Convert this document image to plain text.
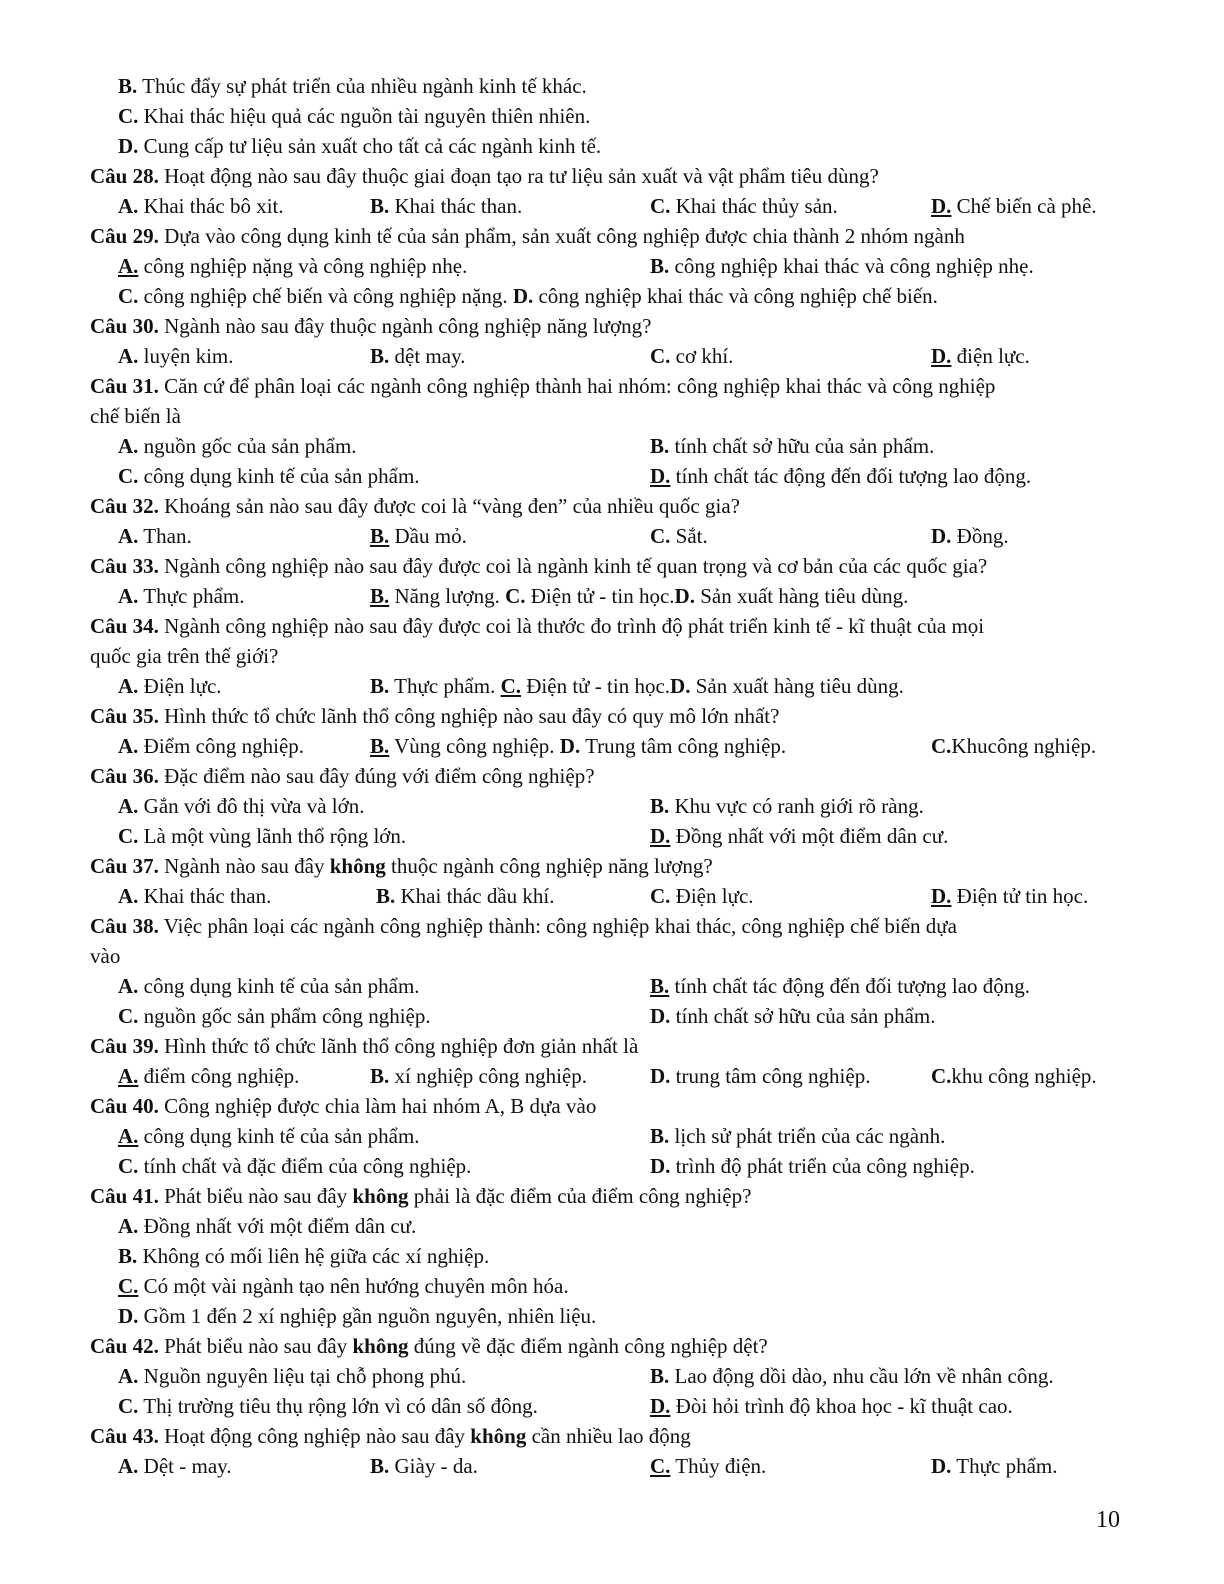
B. Thúc đẩy sự phát triển của nhiều ngành kinh tế khác.
C. Khai thác hiệu quả các nguồn tài nguyên thiên nhiên.
D. Cung cấp tư liệu sản xuất cho tất cả các ngành kinh tế.
Câu 28. Hoạt động nào sau đây thuộc giai đoạn tạo ra tư liệu sản xuất và vật phẩm tiêu dùng?
A. Khai thác bô xit.	B. Khai thác than.	C. Khai thác thủy sản.	D. Chế biến cà phê.
Câu 29. Dựa vào công dụng kinh tế của sản phẩm, sản xuất công nghiệp được chia thành 2 nhóm ngành
A. công nghiệp nặng và công nghiệp nhẹ.	B. công nghiệp khai thác và công nghiệp nhẹ.
C. công nghiệp chế biến và công nghiệp nặng. D. công nghiệp khai thác và công nghiệp chế biến.
Câu 30. Ngành nào sau đây thuộc ngành công nghiệp năng lượng?
A. luyện kim.	B. dệt may.	C. cơ khí.	D. điện lực.
Câu 31. Căn cứ để phân loại các ngành công nghiệp thành hai nhóm: công nghiệp khai thác và công nghiệp
chế biến là
A. nguồn gốc của sản phẩm.	B. tính chất sở hữu của sản phẩm.
C. công dụng kinh tế của sản phẩm.	D. tính chất tác động đến đối tượng lao động.
Câu 32. Khoáng sản nào sau đây được coi là “vàng đen” của nhiều quốc gia?
A. Than.	B. Dầu mỏ.	C. Sắt.	D. Đồng.
Câu 33. Ngành công nghiệp nào sau đây được coi là ngành kinh tế quan trọng và cơ bản của các quốc gia?
A. Thực phẩm.	B. Năng lượng. C. Điện tử - tin học.D. Sản xuất hàng tiêu dùng.
Câu 34. Ngành công nghiệp nào sau đây được coi là thước đo trình độ phát triển kinh tế - kĩ thuật của mọi
quốc gia trên thế giới?
A. Điện lực.	B. Thực phẩm. C. Điện tử - tin học.D. Sản xuất hàng tiêu dùng.
Câu 35. Hình thức tổ chức lãnh thổ công nghiệp nào sau đây có quy mô lớn nhất?
A. Điểm công nghiệp.	B. Vùng công nghiệp. D. Trung tâm công nghiệp.	C.Khucông nghiệp.
Câu 36. Đặc điểm nào sau đây đúng với điểm công nghiệp?
A. Gắn với đô thị vừa và lớn.	B. Khu vực có ranh giới rõ ràng.
C. Là một vùng lãnh thổ rộng lớn.	D. Đồng nhất với một điểm dân cư.
Câu 37. Ngành nào sau đây không thuộc ngành công nghiệp năng lượng?
A. Khai thác than.	B. Khai thác dầu khí.	C. Điện lực.	D. Điện tử tin học.
Câu 38. Việc phân loại các ngành công nghiệp thành: công nghiệp khai thác, công nghiệp chế biến dựa
vào
A. công dụng kinh tế của sản phẩm.	B. tính chất tác động đến đối tượng lao động.
C. nguồn gốc sản phẩm công nghiệp.	D. tính chất sở hữu của sản phẩm.
Câu 39. Hình thức tổ chức lãnh thổ công nghiệp đơn giản nhất là
A. điểm công nghiệp.	B. xí nghiệp công nghiệp.	D. trung tâm công nghiệp.	C.khu công nghiệp.
Câu 40. Công nghiệp được chia làm hai nhóm A, B dựa vào
A. công dụng kinh tế của sản phẩm.	B. lịch sử phát triển của các ngành.
C. tính chất và đặc điểm của công nghiệp.	D. trình độ phát triển của công nghiệp.
Câu 41. Phát biểu nào sau đây không phải là đặc điểm của điểm công nghiệp?
A. Đồng nhất với một điểm dân cư.
B. Không có mối liên hệ giữa các xí nghiệp.
C. Có một vài ngành tạo nên hướng chuyên môn hóa.
D. Gồm 1 đến 2 xí nghiệp gần nguồn nguyên, nhiên liệu.
Câu 42. Phát biểu nào sau đây không đúng về đặc điểm ngành công nghiệp dệt?
A. Nguồn nguyên liệu tại chỗ phong phú.	B. Lao động dồi dào, nhu cầu lớn về nhân công.
C. Thị trường tiêu thụ rộng lớn vì có dân số đông.	D. Đòi hỏi trình độ khoa học - kĩ thuật cao.
Câu 43. Hoạt động công nghiệp nào sau đây không cần nhiều lao động
A. Dệt - may.	B. Giày - da.	C. Thủy điện.	D. Thực phẩm.
10
